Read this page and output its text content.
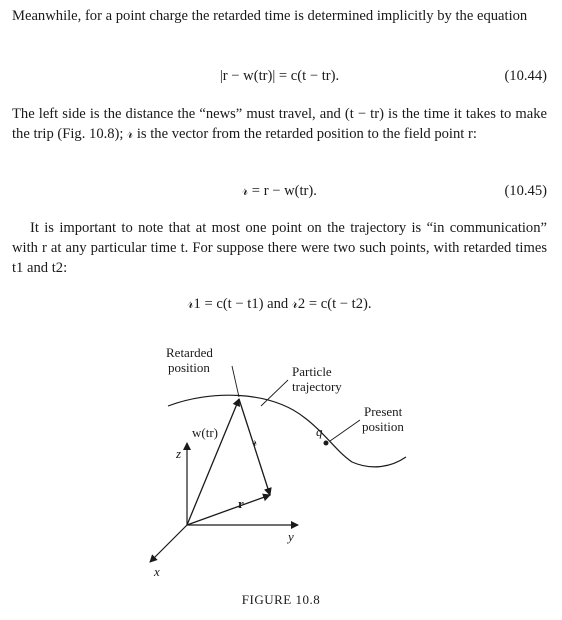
Meanwhile, for a point charge the retarded time is determined implicitly by the equation
|r − w(tr)| = c(t − tr).	(10.44)
The left side is the distance the “news” must travel, and (t − tr) is the time it takes to make the trip (Fig. 10.8); 𝓇 is the vector from the retarded position to the field point r:
𝓇 = r − w(tr).	(10.45)
It is important to note that at most one point on the trajectory is “in communication” with r at any particular time t. For suppose there were two such points, with retarded times t1 and t2:
𝓇1 = c(t − t1) and 𝓇2 = c(t − t2).
Retarded
position	Particle
trajectory
Present
position
q
w(tr)
𝓇
r
z
y
x
FIGURE 10.8
